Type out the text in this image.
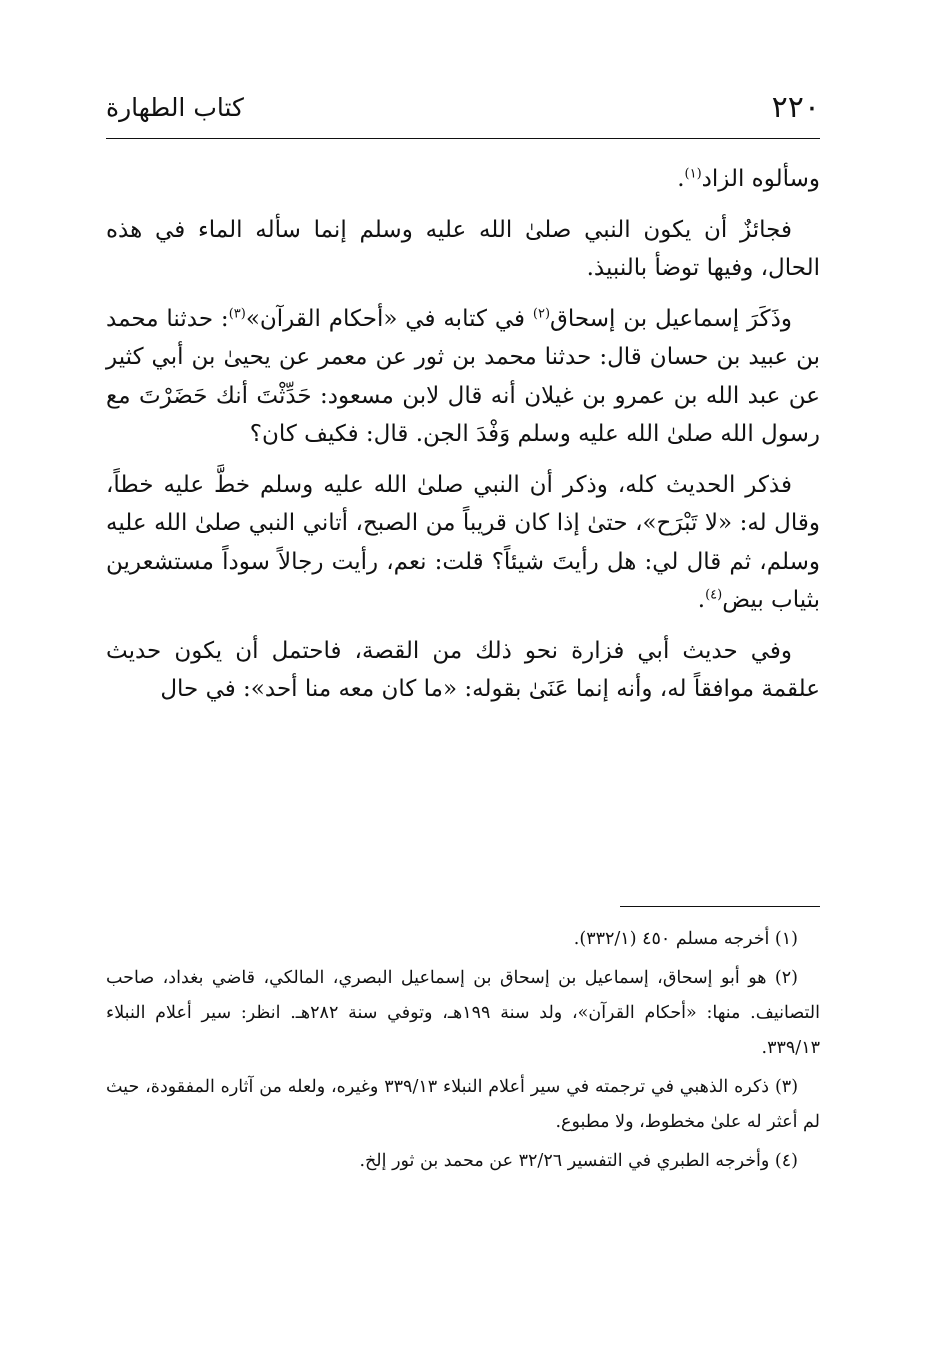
٢٢٠
كتاب الطهارة

وسألوه الزاد$^{(١)}$.

فجائزٌ أن يكون النبي صلىٰ الله عليه وسلم إنما سأله الماء في هذه الحال، وفيها توضأ بالنبيذ.

وذَكَرَ إسماعيل بن إسحاق$^{(٢)}$ في كتابه في «أحكام القرآن»$^{(٣)}$: حدثنا محمد بن عبيد بن حسان قال: حدثنا محمد بن ثور عن معمر عن يحيىٰ بن أبي كثير عن عبد الله بن عمرو بن غيلان أنه قال لابن مسعود: حَدِّثْتَ أنك حَضَرْتَ مع رسول الله صلىٰ الله عليه وسلم وَفْدَ الجن. قال: فكيف كان؟

فذكر الحديث كله، وذكر أن النبي صلىٰ الله عليه وسلم خطَّ عليه خطاً، وقال له: «لا تَبْرَح»، حتىٰ إذا كان قريباً من الصبح، أتاني النبي صلىٰ الله عليه وسلم، ثم قال لي: هل رأيتَ شيئاً؟ قلت: نعم، رأيت رجالاً سوداً مستشعرين بثياب بيض$^{(٤)}$.

وفي حديث أبي فزارة نحو ذلك من القصة، فاحتمل أن يكون حديث علقمة موافقاً له، وأنه إنما عَنَىٰ بقوله: «ما كان معه منا أحد»: في حال

(١) أخرجه مسلم ٤٥٠ (٣٣٢/١).

(٢) هو أبو إسحاق، إسماعيل بن إسحاق بن إسماعيل البصري، المالكي، قاضي بغداد، صاحب التصانيف. منها: «أحكام القرآن»، ولد سنة ١٩٩هـ، وتوفي سنة ٢٨٢هـ. انظر: سير أعلام النبلاء ٣٣٩/١٣.

(٣) ذكره الذهبي في ترجمته في سير أعلام النبلاء ٣٣٩/١٣ وغيره، ولعله من آثاره المفقودة، حيث لم أعثر له علىٰ مخطوط، ولا مطبوع.

(٤) وأخرجه الطبري في التفسير ٣٢/٢٦ عن محمد بن ثور إلخ.
